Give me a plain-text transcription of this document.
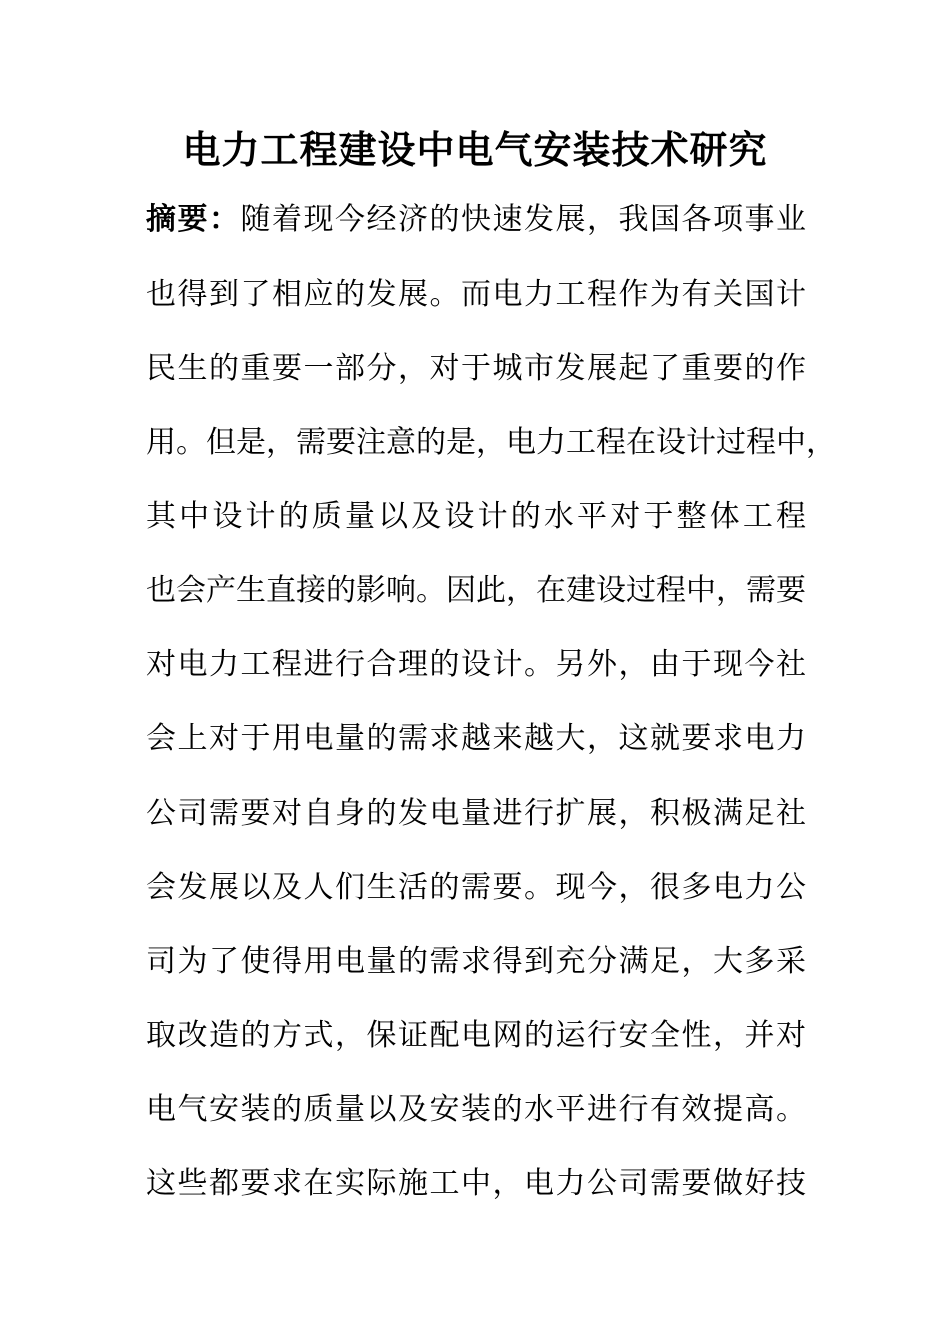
电力工程建设中电气安装技术研究
摘要：随着现今经济的快速发展，我国各项事业
也得到了相应的发展。而电力工程作为有关国计
民生的重要一部分，对于城市发展起了重要的作
用。但是，需要注意的是，电力工程在设计过程中，
其中设计的质量以及设计的水平对于整体工程
也会产生直接的影响。因此，在建设过程中，需要
对电力工程进行合理的设计。另外，由于现今社
会上对于用电量的需求越来越大，这就要求电力
公司需要对自身的发电量进行扩展，积极满足社
会发展以及人们生活的需要。现今，很多电力公
司为了使得用电量的需求得到充分满足，大多采
取改造的方式，保证配电网的运行安全性，并对
电气安装的质量以及安装的水平进行有效提高。
这些都要求在实际施工中，电力公司需要做好技
